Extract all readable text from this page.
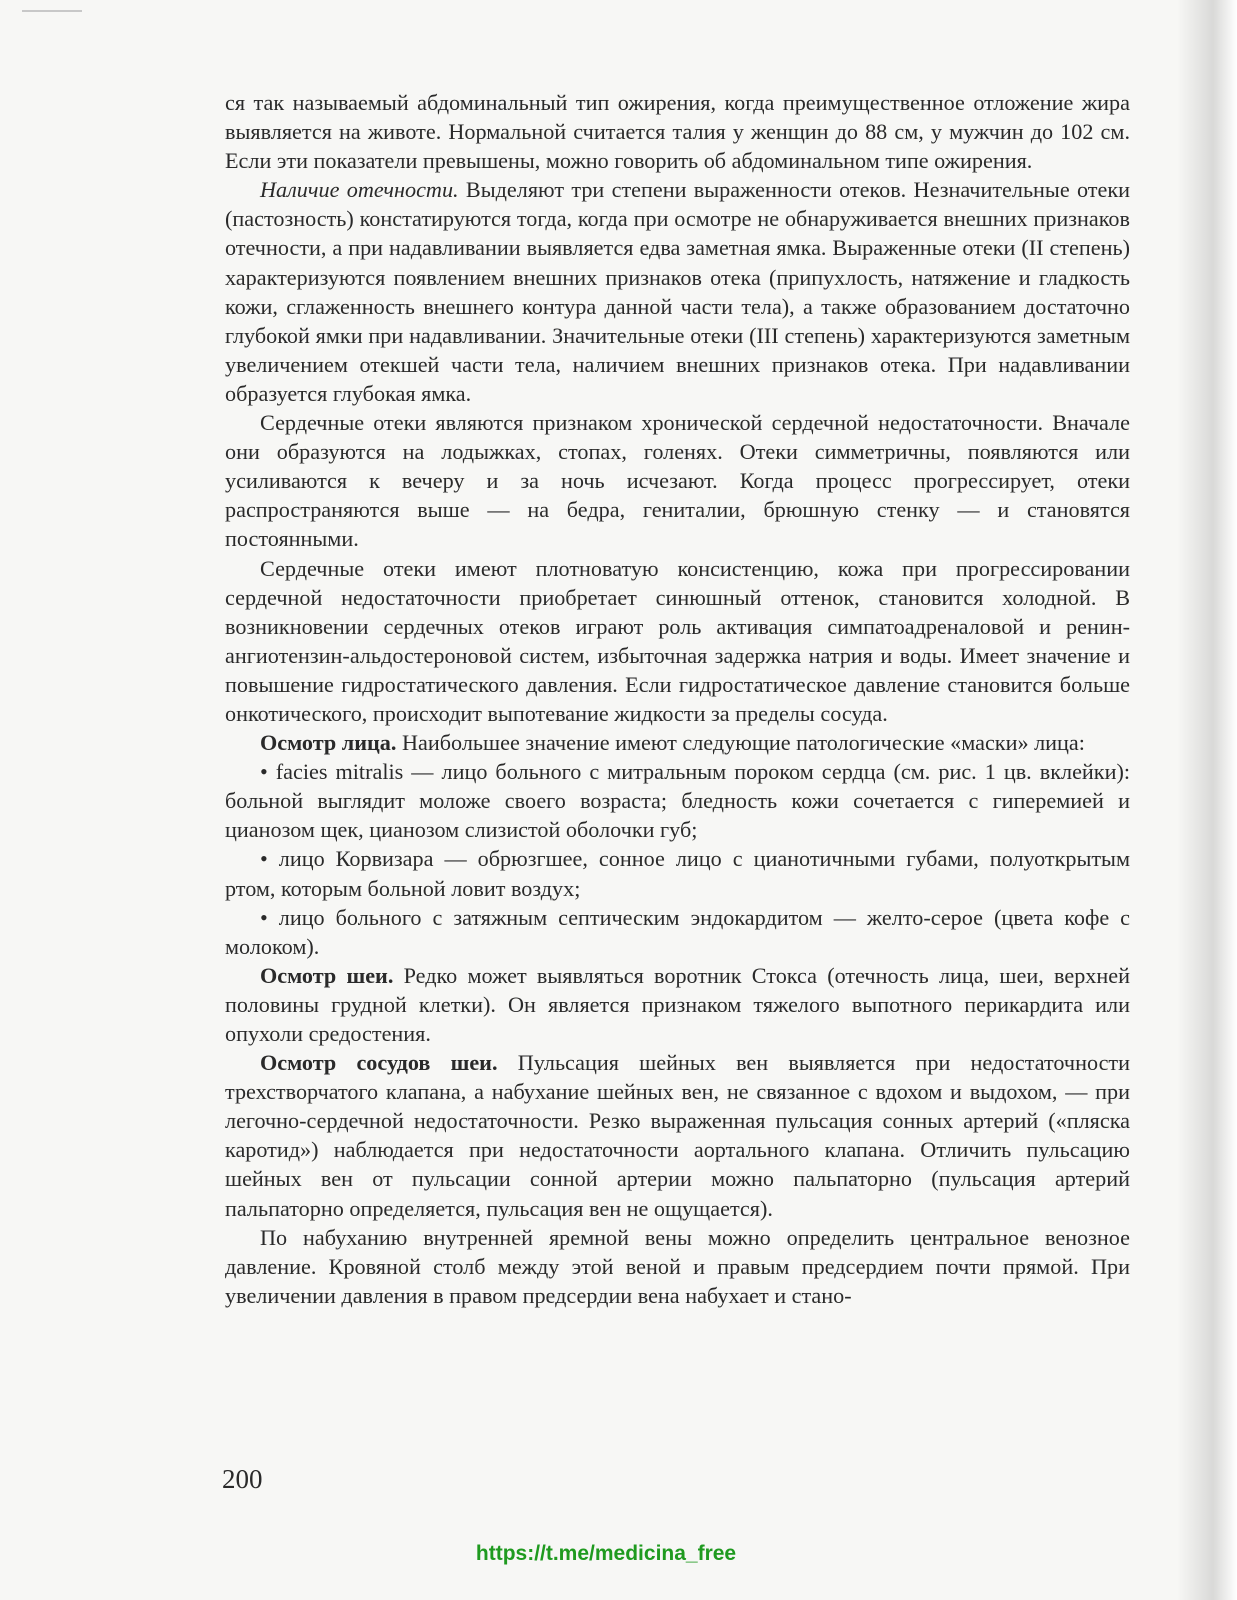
ся так называемый абдоминальный тип ожирения, когда преимущественное отложение жира выявляется на животе. Нормальной считается талия у женщин до 88 см, у мужчин до 102 см. Если эти показатели превышены, можно говорить об абдоминальном типе ожирения.

Наличие отечности. Выделяют три степени выраженности отеков. Незначительные отеки (пастозность) констатируются тогда, когда при осмотре не обнаруживается внешних признаков отечности, а при надавливании выявляется едва заметная ямка. Выраженные отеки (II степень) характеризуются появлением внешних признаков отека (припухлость, натяжение и гладкость кожи, сглаженность внешнего контура данной части тела), а также образованием достаточно глубокой ямки при надавливании. Значительные отеки (III степень) характеризуются заметным увеличением отекшей части тела, наличием внешних признаков отека. При надавливании образуется глубокая ямка.

Сердечные отеки являются признаком хронической сердечной недостаточности. Вначале они образуются на лодыжках, стопах, голенях. Отеки симметричны, появляются или усиливаются к вечеру и за ночь исчезают. Когда процесс прогрессирует, отеки распространяются выше — на бедра, гениталии, брюшную стенку — и становятся постоянными.

Сердечные отеки имеют плотноватую консистенцию, кожа при прогрессировании сердечной недостаточности приобретает синюшный оттенок, становится холодной. В возникновении сердечных отеков играют роль активация симпатоадреналовой и ренин-ангиотензин-альдостероновой систем, избыточная задержка натрия и воды. Имеет значение и повышение гидростатического давления. Если гидростатическое давление становится больше онкотического, происходит выпотевание жидкости за пределы сосуда.

Осмотр лица. Наибольшее значение имеют следующие патологические «маски» лица:

• facies mitralis — лицо больного с митральным пороком сердца (см. рис. 1 цв. вклейки): больной выглядит моложе своего возраста; бледность кожи сочетается с гиперемией и цианозом щек, цианозом слизистой оболочки губ;

• лицо Корвизара — обрюзгшее, сонное лицо с цианотичными губами, полуоткрытым ртом, которым больной ловит воздух;

• лицо больного с затяжным септическим эндокардитом — желто-серое (цвета кофе с молоком).

Осмотр шеи. Редко может выявляться воротник Стокса (отечность лица, шеи, верхней половины грудной клетки). Он является признаком тяжелого выпотного перикардита или опухоли средостения.

Осмотр сосудов шеи. Пульсация шейных вен выявляется при недостаточности трехстворчатого клапана, а набухание шейных вен, не связанное с вдохом и выдохом, — при легочно-сердечной недостаточности. Резко выраженная пульсация сонных артерий («пляска каротид») наблюдается при недостаточности аортального клапана. Отличить пульсацию шейных вен от пульсации сонной артерии можно пальпаторно (пульсация артерий пальпаторно определяется, пульсация вен не ощущается).

По набуханию внутренней яремной вены можно определить центральное венозное давление. Кровяной столб между этой веной и правым предсердием почти прямой. При увеличении давления в правом предсердии вена набухает и стано-

200
https://t.me/medicina_free
